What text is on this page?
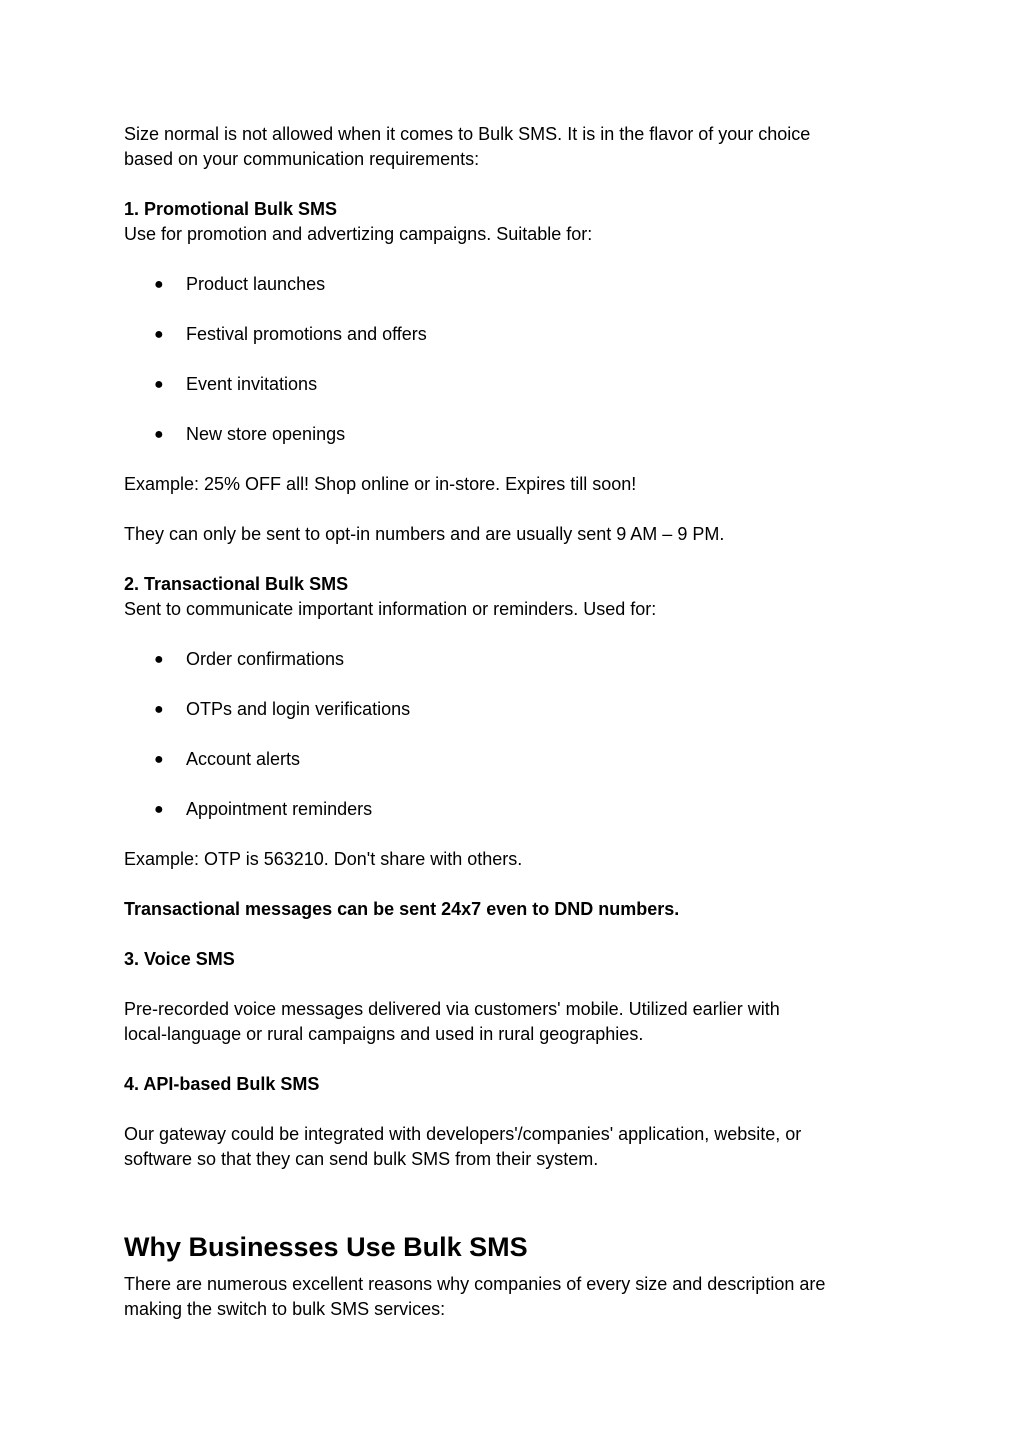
Size normal is not allowed when it comes to Bulk SMS. It is in the flavor of your choice
based on your communication requirements:

1. Promotional Bulk SMS

Use for promotion and advertizing campaigns. Suitable for:

● Product launches
● Festival promotions and offers
● Event invitations
● New store openings

Example: 25% OFF all! Shop online or in-store. Expires till soon!

They can only be sent to opt-in numbers and are usually sent 9 AM – 9 PM.

2. Transactional Bulk SMS

Sent to communicate important information or reminders. Used for:

● Order confirmations
● OTPs and login verifications
● Account alerts
● Appointment reminders

Example: OTP is 563210. Don't share with others.

Transactional messages can be sent 24x7 even to DND numbers.

3. Voice SMS

Pre-recorded voice messages delivered via customers' mobile. Utilized earlier with
local-language or rural campaigns and used in rural geographies.

4. API-based Bulk SMS

Our gateway could be integrated with developers'/companies' application, website, or
software so that they can send bulk SMS from their system.

Why Businesses Use Bulk SMS

There are numerous excellent reasons why companies of every size and description are
making the switch to bulk SMS services:
